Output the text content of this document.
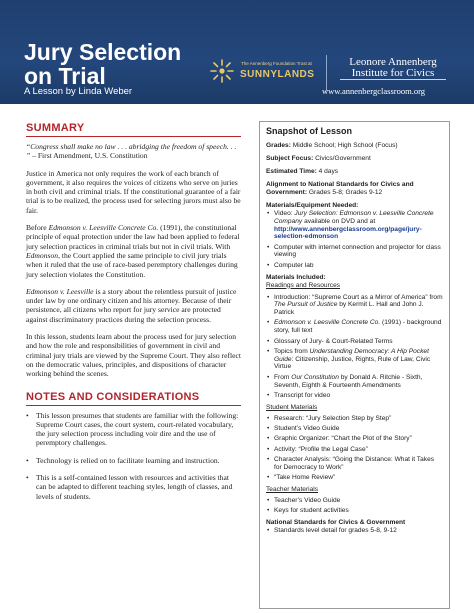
Jury Selection
on Trial
A Lesson by Linda Weber
The Annenberg Foundation Trust at
SUNNYLANDS
Leonore Annenberg
Institute for Civics
www.annenbergclassroom.org
SUMMARY

“Congress shall make no law . . . abridging the freedom of speech. . . ” – First Amendment, U.S. Constitution

Justice in America not only requires the work of each branch of government, it also requires the voices of citizens who serve on juries in both civil and criminal trials. If the constitutional guarantee of a fair trial is to be realized, the process used for selecting jurors must also be fair.

Before Edmonson v. Leesville Concrete Co. (1991), the constitutional principle of equal protection under the law had been applied to federal jury selection practices in criminal trials but not in civil trials. With Edmonson, the Court applied the same principle to civil jury trials when it ruled that the use of race-based peremptory challenges during jury selection violates the Constitution.

Edmonson v. Leesville is a story about the relentless pursuit of justice under law by one ordinary citizen and his attorney. Because of their persistence, all citizens who report for jury service are protected against discriminatory practices during the selection process.

In this lesson, students learn about the process used for jury selection and how the role and responsibilities of government in civil and criminal jury trials are viewed by the Supreme Court. They also reflect on the democratic values, principles, and dispositions of character working behind the scenes.

NOTES AND CONSIDERATIONS
• This lesson presumes that students are familiar with the following: Supreme Court cases, the court system, court-related vocabulary, the jury selection process including voir dire and the use of peremptory challenges.
• Technology is relied on to facilitate learning and instruction.
• This is a self-contained lesson with resources and activities that can be adapted to different teaching styles, length of classes, and levels of students.
Snapshot of Lesson
Grades: Middle School; High School (Focus)
Subject Focus: Civics/Government
Estimated Time: 4 days
Alignment to National Standards for Civics and Government: Grades 5-8; Grades 9-12
Materials/Equipment Needed:
• Video: Jury Selection: Edmonson v. Leesville Concrete Company available on DVD and at http://www.annenbergclassroom.org/page/jury-selection-edmonson
• Computer with internet connection and projector for class viewing
• Computer lab
Materials Included:
Readings and Resources
• Introduction: “Supreme Court as a Mirror of America” from The Pursuit of Justice by Kermit L. Hall and John J. Patrick
• Edmonson v. Leesville Concrete Co. (1991) - background story, full text
• Glossary of Jury- & Court-Related Terms
• Topics from Understanding Democracy: A Hip Pocket Guide: Citizenship, Justice, Rights, Rule of Law, Civic Virtue
• From Our Constitution by Donald A. Ritchie - Sixth, Seventh, Eighth & Fourteenth Amendments
• Transcript for video
Student Materials
• Research: “Jury Selection Step by Step”
• Student’s Video Guide
• Graphic Organizer: “Chart the Plot of the Story”
• Activity: “Profile the Legal Case”
• Character Analysis: “Going the Distance: What it Takes for Democracy to Work”
• “Take Home Review”
Teacher Materials
• Teacher’s Video Guide
• Keys for student activities
National Standards for Civics & Government
• Standards level detail for grades 5-8, 9-12
